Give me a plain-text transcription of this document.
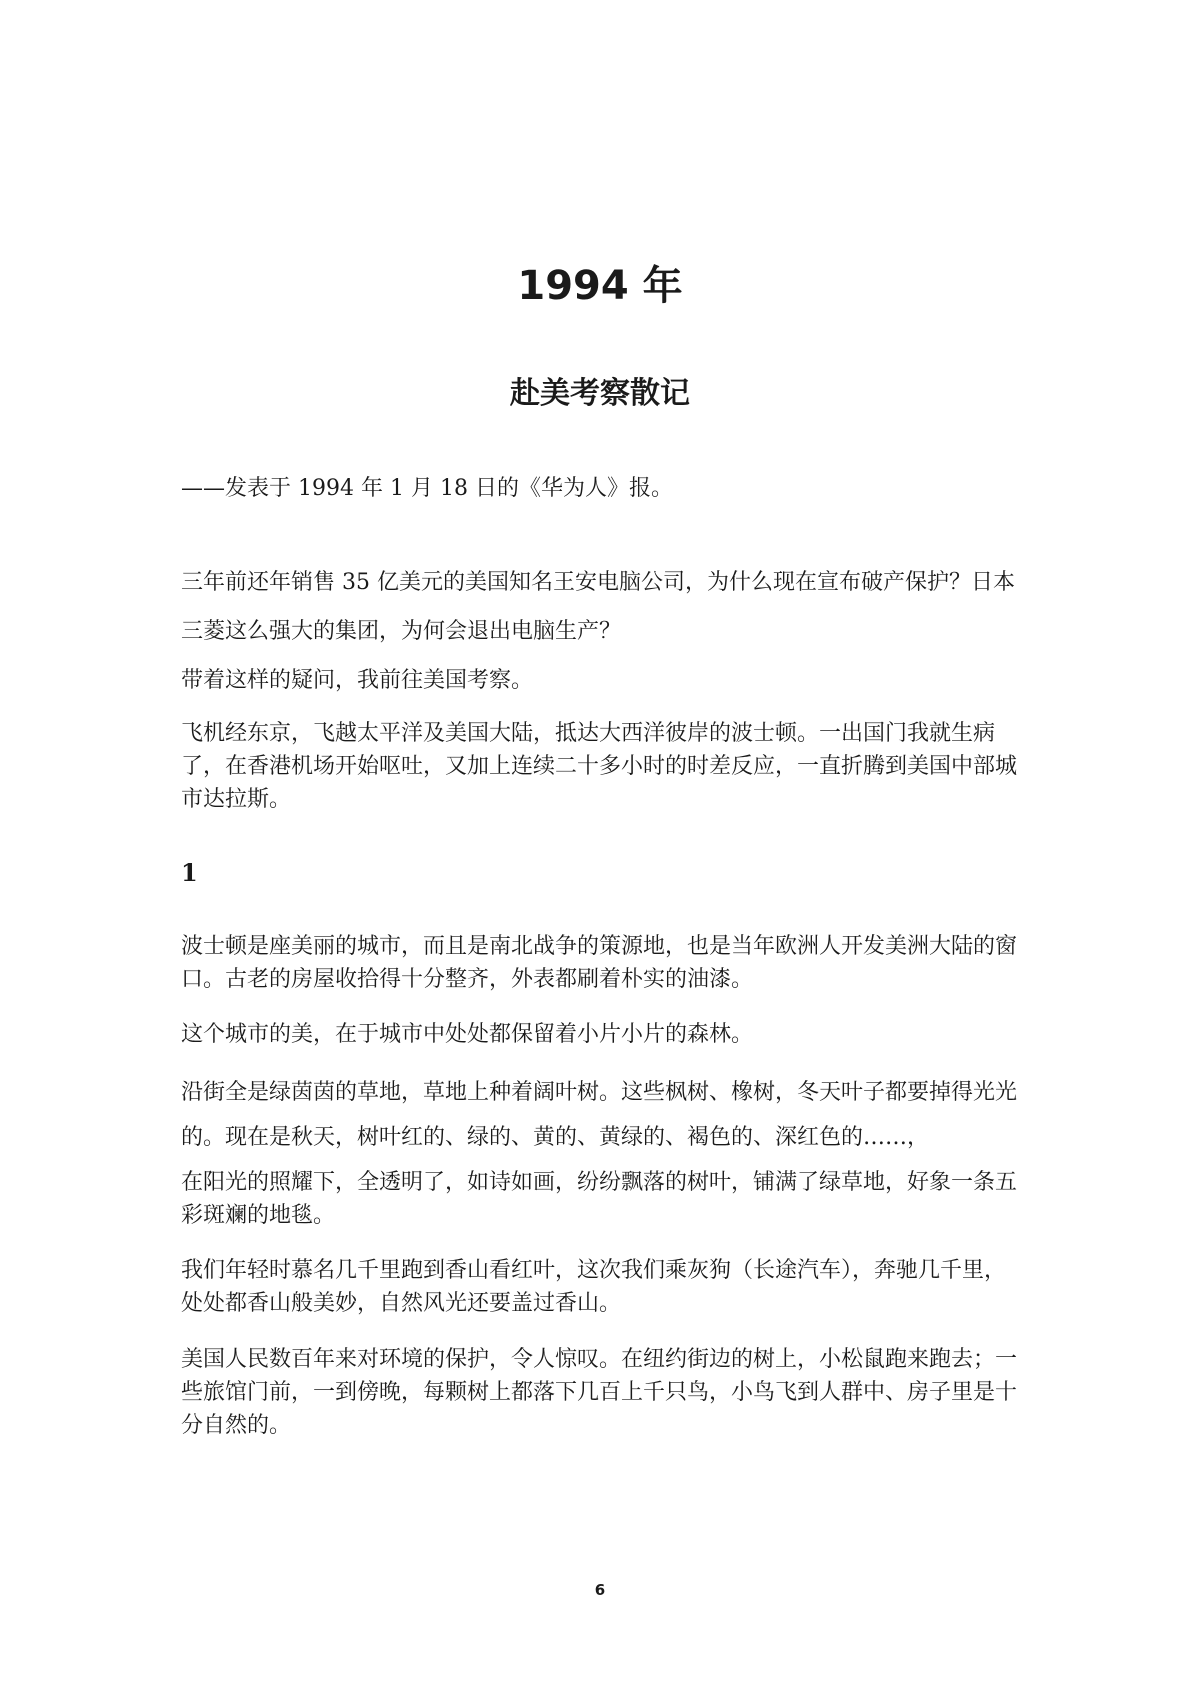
1994 年
赴美考察散记

——发表于 1994 年 1 月 18 日的《华为人》报。

三年前还年销售 35 亿美元的美国知名王安电脑公司，为什么现在宣布破产保护？日本三菱这么强大的集团，为何会退出电脑生产？

带着这样的疑问，我前往美国考察。

飞机经东京，飞越太平洋及美国大陆，抵达大西洋彼岸的波士顿。一出国门我就生病了，在香港机场开始呕吐，又加上连续二十多小时的时差反应，一直折腾到美国中部城市达拉斯。

1

波士顿是座美丽的城市，而且是南北战争的策源地，也是当年欧洲人开发美洲大陆的窗口。古老的房屋收拾得十分整齐，外表都刷着朴实的油漆。

这个城市的美，在于城市中处处都保留着小片小片的森林。

沿街全是绿茵茵的草地，草地上种着阔叶树。这些枫树、橡树，冬天叶子都要掉得光光的。现在是秋天，树叶红的、绿的、黄的、黄绿的、褐色的、深红色的……，

在阳光的照耀下，全透明了，如诗如画，纷纷飘落的树叶，铺满了绿草地，好象一条五彩斑斓的地毯。

我们年轻时慕名几千里跑到香山看红叶，这次我们乘灰狗（长途汽车），奔驰几千里，处处都香山般美妙，自然风光还要盖过香山。

美国人民数百年来对环境的保护，令人惊叹。在纽约街边的树上，小松鼠跑来跑去；一些旅馆门前，一到傍晚，每颗树上都落下几百上千只鸟，小鸟飞到人群中、房子里是十分自然的。

6
